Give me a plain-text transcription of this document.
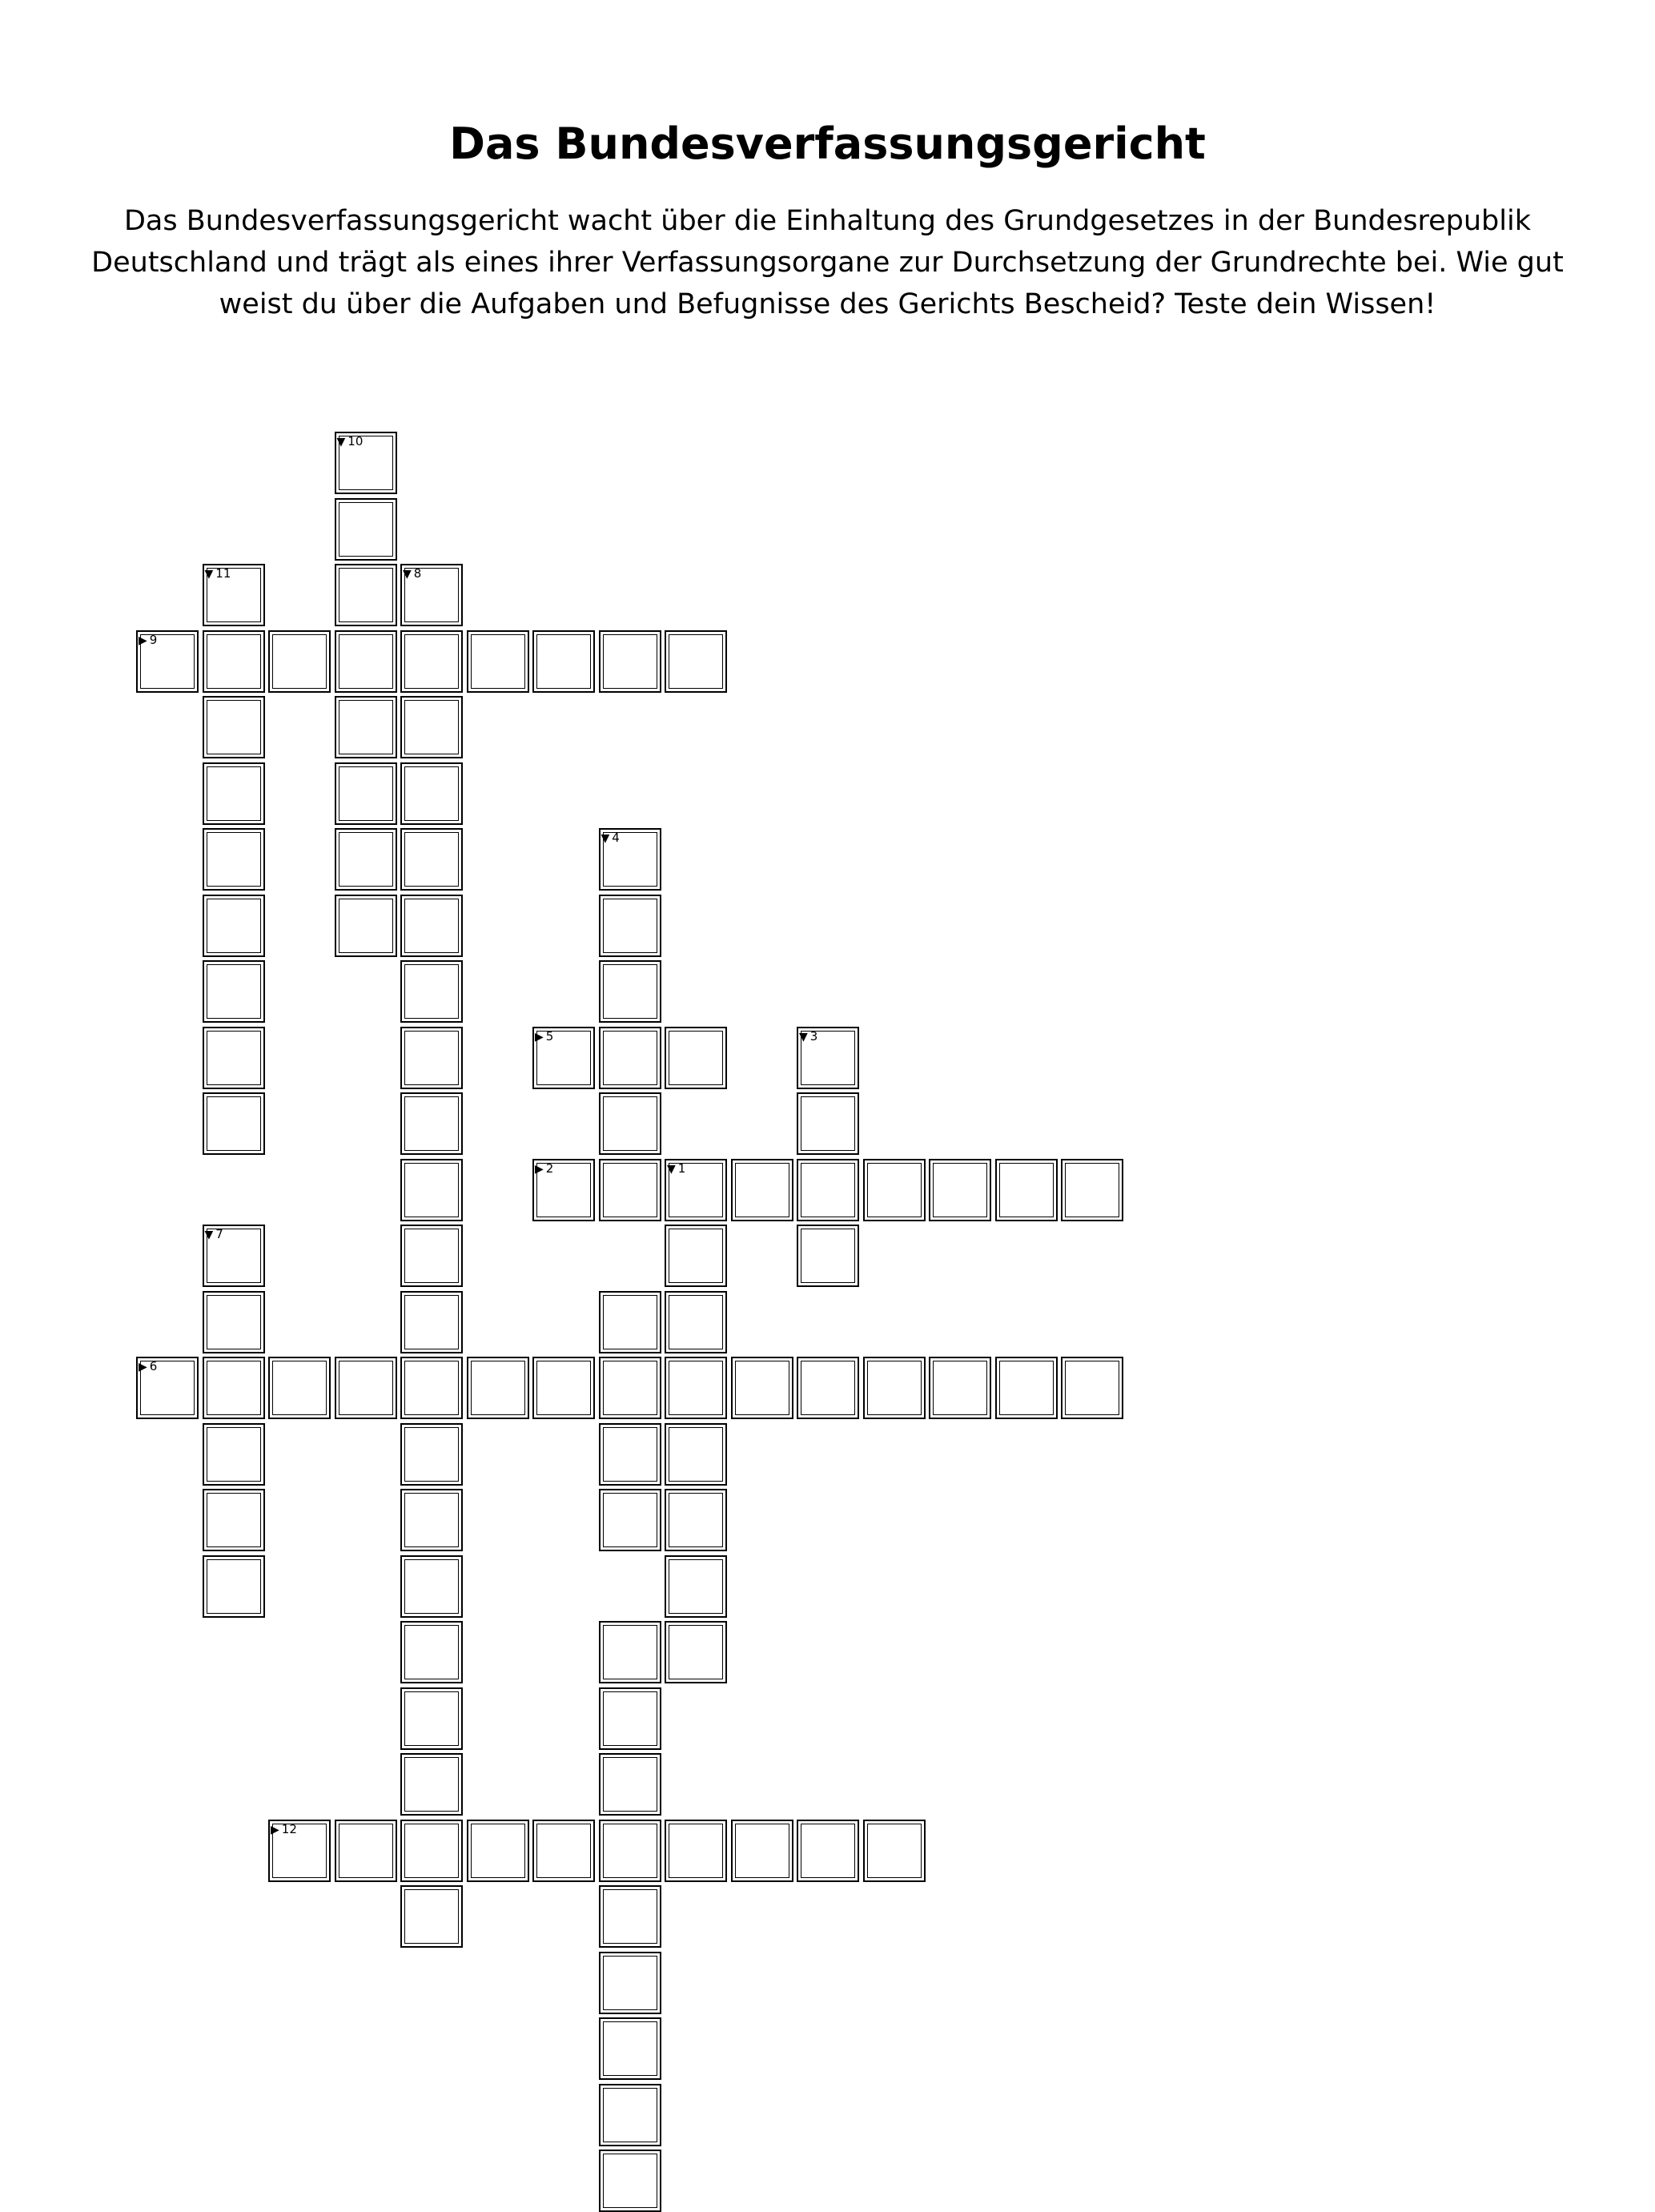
Das Bundesverfassungsgericht

Das Bundesverfassungsgericht wacht über die Einhaltung des Grundgesetzes in der Bundesrepublik Deutschland und trägt als eines ihrer Verfassungsorgane zur Durchsetzung der Grundrechte bei. Wie gut weist du über die Aufgaben und Befugnisse des Gerichts Bescheid? Teste dein Wissen!

▼ 1
▶ 2
▼ 3
▼ 4
▶ 5
▶ 6
▼ 7
▼ 8
▶ 9
▼ 10
▼ 11
▶ 12
